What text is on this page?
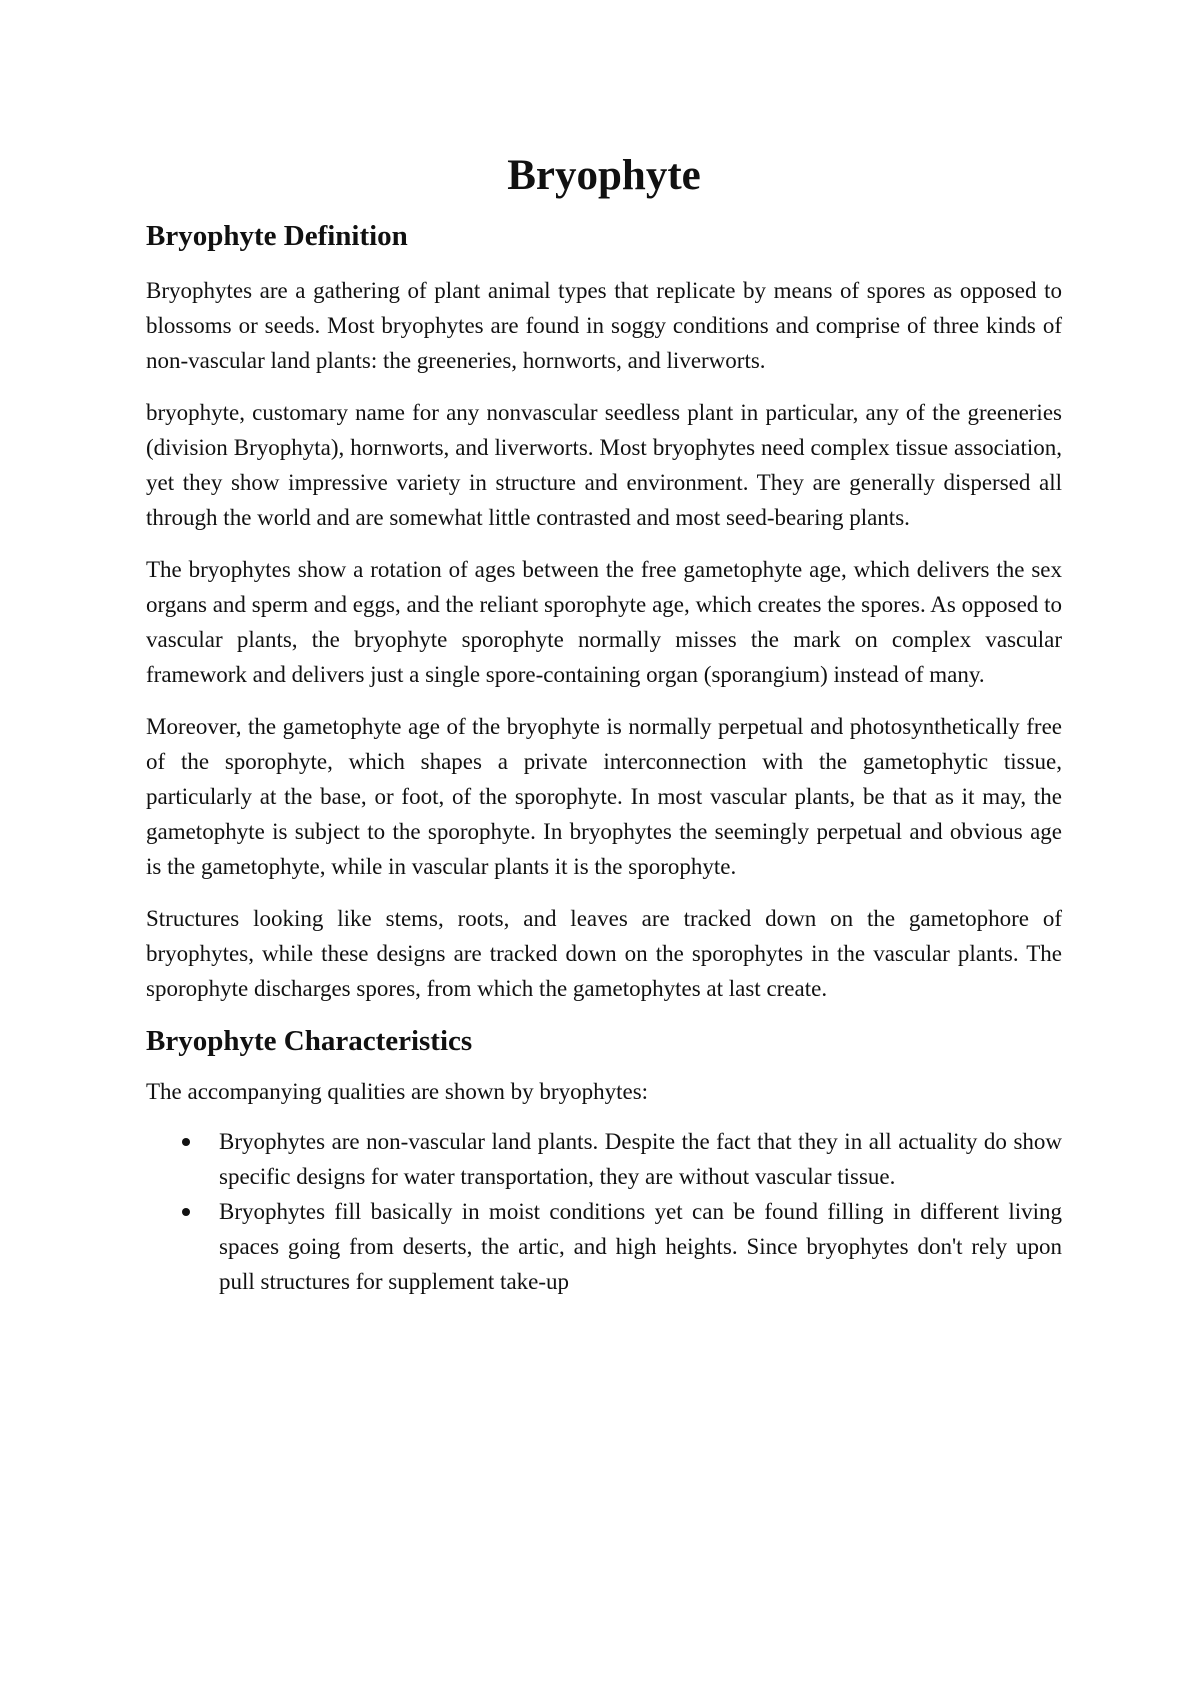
Bryophyte
Bryophyte Definition

Bryophytes are a gathering of plant animal types that replicate by means of spores as opposed to blossoms or seeds. Most bryophytes are found in soggy conditions and comprise of three kinds of non-vascular land plants: the greeneries, hornworts, and liverworts.

bryophyte, customary name for any nonvascular seedless plant in particular, any of the greeneries (division Bryophyta), hornworts, and liverworts. Most bryophytes need complex tissue association, yet they show impressive variety in structure and environment. They are generally dispersed all through the world and are somewhat little contrasted and most seed-bearing plants.

The bryophytes show a rotation of ages between the free gametophyte age, which delivers the sex organs and sperm and eggs, and the reliant sporophyte age, which creates the spores. As opposed to vascular plants, the bryophyte sporophyte normally misses the mark on complex vascular framework and delivers just a single spore-containing organ (sporangium) instead of many.

Moreover, the gametophyte age of the bryophyte is normally perpetual and photosynthetically free of the sporophyte, which shapes a private interconnection with the gametophytic tissue, particularly at the base, or foot, of the sporophyte. In most vascular plants, be that as it may, the gametophyte is subject to the sporophyte. In bryophytes the seemingly perpetual and obvious age is the gametophyte, while in vascular plants it is the sporophyte.

Structures looking like stems, roots, and leaves are tracked down on the gametophore of bryophytes, while these designs are tracked down on the sporophytes in the vascular plants. The sporophyte discharges spores, from which the gametophytes at last create.

Bryophyte Characteristics

The accompanying qualities are shown by bryophytes:

Bryophytes are non-vascular land plants. Despite the fact that they in all actuality do show specific designs for water transportation, they are without vascular tissue.
Bryophytes fill basically in moist conditions yet can be found filling in different living spaces going from deserts, the artic, and high heights. Since bryophytes don't rely upon pull structures for supplement take-up
